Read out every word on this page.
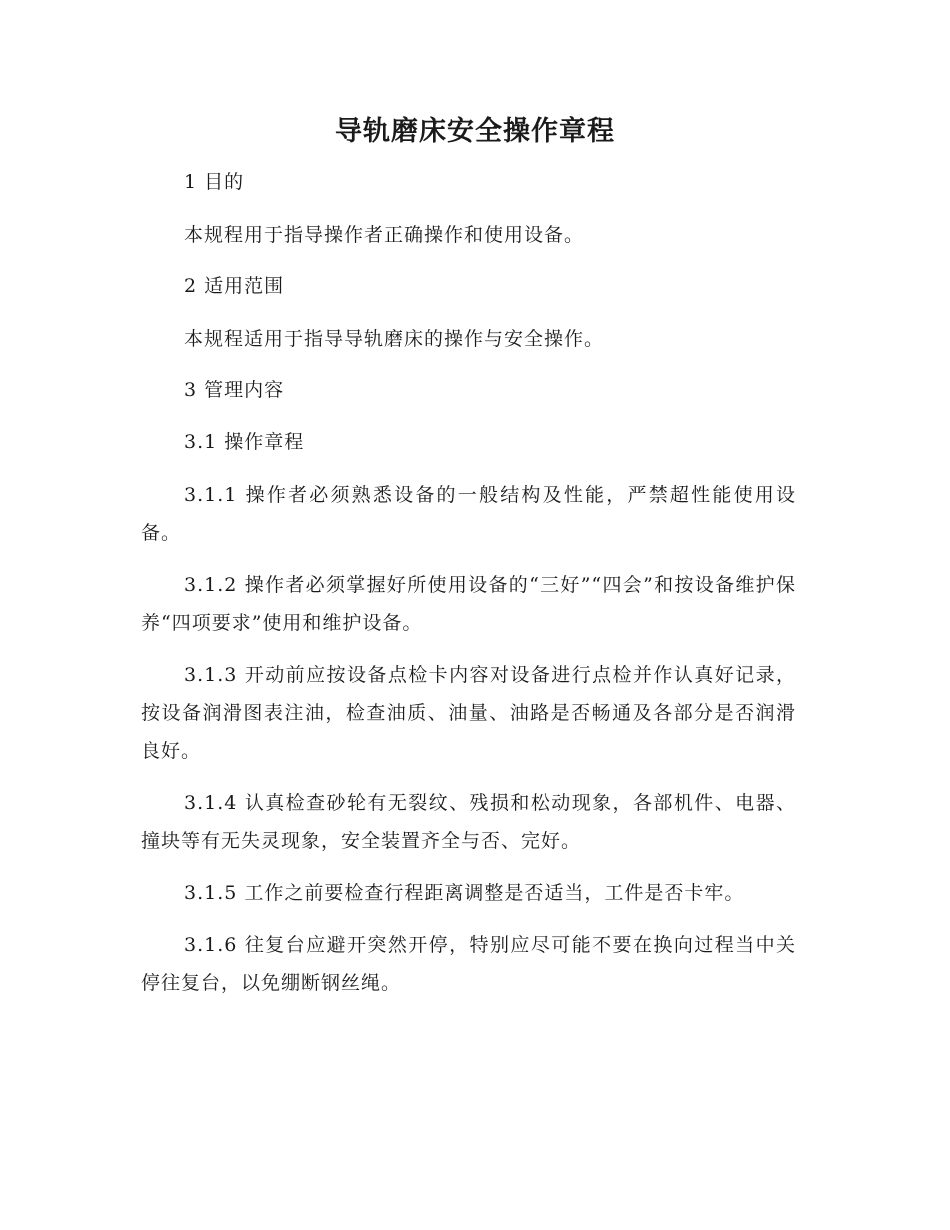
导轨磨床安全操作章程

1 目的

本规程用于指导操作者正确操作和使用设备。

2 适用范围

本规程适用于指导导轨磨床的操作与安全操作。

3 管理内容

3.1 操作章程

3.1.1 操作者必须熟悉设备的一般结构及性能，严禁超性能使用设备。

3.1.2 操作者必须掌握好所使用设备的“三好”“四会”和按设备维护保养“四项要求”使用和维护设备。

3.1.3 开动前应按设备点检卡内容对设备进行点检并作认真好记录，按设备润滑图表注油，检查油质、油量、油路是否畅通及各部分是否润滑良好。

3.1.4 认真检查砂轮有无裂纹、残损和松动现象，各部机件、电器、撞块等有无失灵现象，安全装置齐全与否、完好。

3.1.5 工作之前要检查行程距离调整是否适当，工件是否卡牢。

3.1.6 往复台应避开突然开停，特别应尽可能不要在换向过程当中关停往复台，以免绷断钢丝绳。
